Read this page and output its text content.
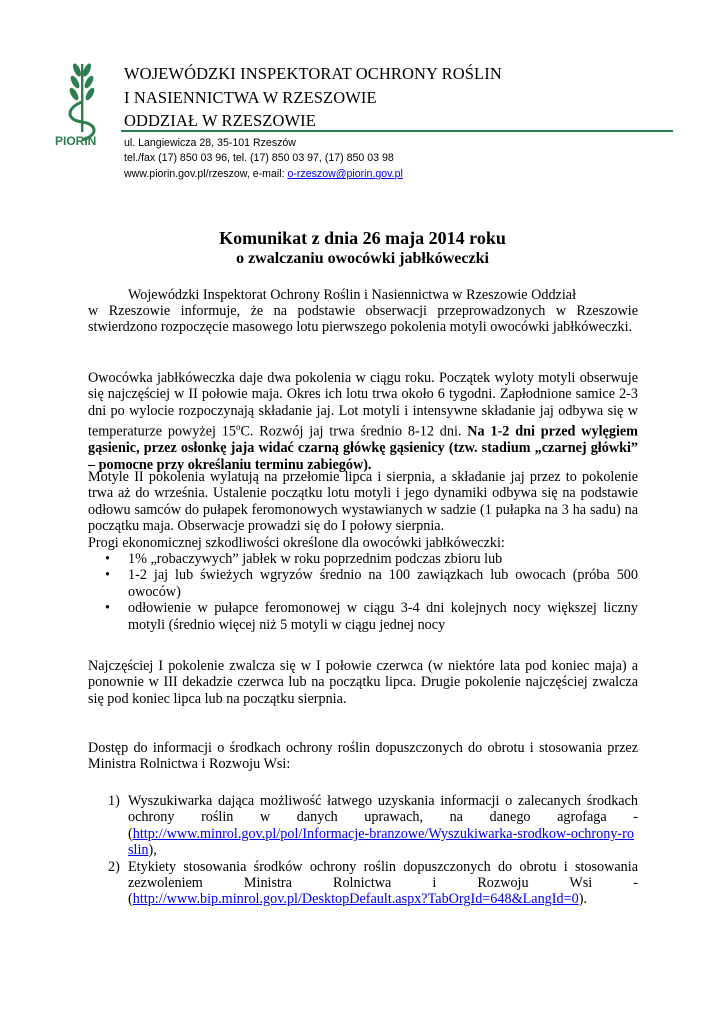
PIORIN
WOJEWÓDZKI INSPEKTORAT OCHRONY ROŚLIN
I NASIENNICTWA W RZESZOWIE
ODDZIAŁ W RZESZOWIE
ul. Langiewicza 28, 35-101 Rzeszów
tel./fax (17) 850 03 96, tel. (17) 850 03 97, (17) 850 03 98
www.piorin.gov.pl/rzeszow, e-mail: o-rzeszow@piorin.gov.pl
Komunikat z dnia 26 maja 2014 roku
o zwalczaniu owocówki jabłkóweczki
Wojewódzki Inspektorat Ochrony Roślin i Nasiennictwa w Rzeszowie Oddział
w Rzeszowie informuje, że na podstawie obserwacji przeprowadzonych w Rzeszowie stwierdzono rozpoczęcie masowego lotu pierwszego pokolenia motyli owocówki jabłkóweczki.
Owocówka jabłkóweczka daje dwa pokolenia w ciągu roku. Początek wyloty motyli obserwuje się najczęściej w II połowie maja. Okres ich lotu trwa około 6 tygodni. Zapłodnione samice 2-3 dni po wylocie rozpoczynają składanie jaj. Lot motyli i intensywne składanie jaj odbywa się w temperaturze powyżej 15$^o$C. Rozwój jaj trwa średnio 8-12 dni. Na 1-2 dni przed wylęgiem gąsienic, przez osłonkę jaja widać czarną główkę gąsienicy (tzw. stadium „czarnej główki” – pomocne przy określaniu terminu zabiegów).
Motyle II pokolenia wylatują na przełomie lipca i sierpnia, a składanie jaj przez to pokolenie trwa aż do września. Ustalenie początku lotu motyli i jego dynamiki odbywa się na podstawie odłowu samców do pułapek feromonowych wystawianych w sadzie (1 pułapka na 3 ha sadu) na początku maja. Obserwacje prowadzi się do I połowy sierpnia.
Progi ekonomicznej szkodliwości określone dla owocówki jabłkóweczki:
• 1% „robaczywych” jabłek w roku poprzednim podczas zbioru lub
• 1-2 jaj lub świeżych wgryzów średnio na 100 zawiązkach lub owocach (próba 500 owoców)
• odłowienie w pułapce feromonowej w ciągu 3-4 dni kolejnych nocy większej liczny motyli (średnio więcej niż 5 motyli w ciągu jednej nocy
Najczęściej I pokolenie zwalcza się w I połowie czerwca (w niektóre lata pod koniec maja) a ponownie w III dekadzie czerwca lub na początku lipca. Drugie pokolenie najczęściej zwalcza się pod koniec lipca lub na początku sierpnia.
Dostęp do informacji o środkach ochrony roślin dopuszczonych do obrotu i stosowania przez Ministra Rolnictwa i Rozwoju Wsi:
1) Wyszukiwarka dająca możliwość łatwego uzyskania informacji o zalecanych środkach
ochrony roślin w danych uprawach, na danego agrofaga -
(http://www.minrol.gov.pl/pol/Informacje-branzowe/Wyszukiwarka-srodkow-ochrony-roslin),
2) Etykiety stosowania środków ochrony roślin dopuszczonych do obrotu i stosowania
zezwoleniem Ministra Rolnictwa i Rozwoju Wsi -
(http://www.bip.minrol.gov.pl/DesktopDefault.aspx?TabOrgId=648&LangId=0).
